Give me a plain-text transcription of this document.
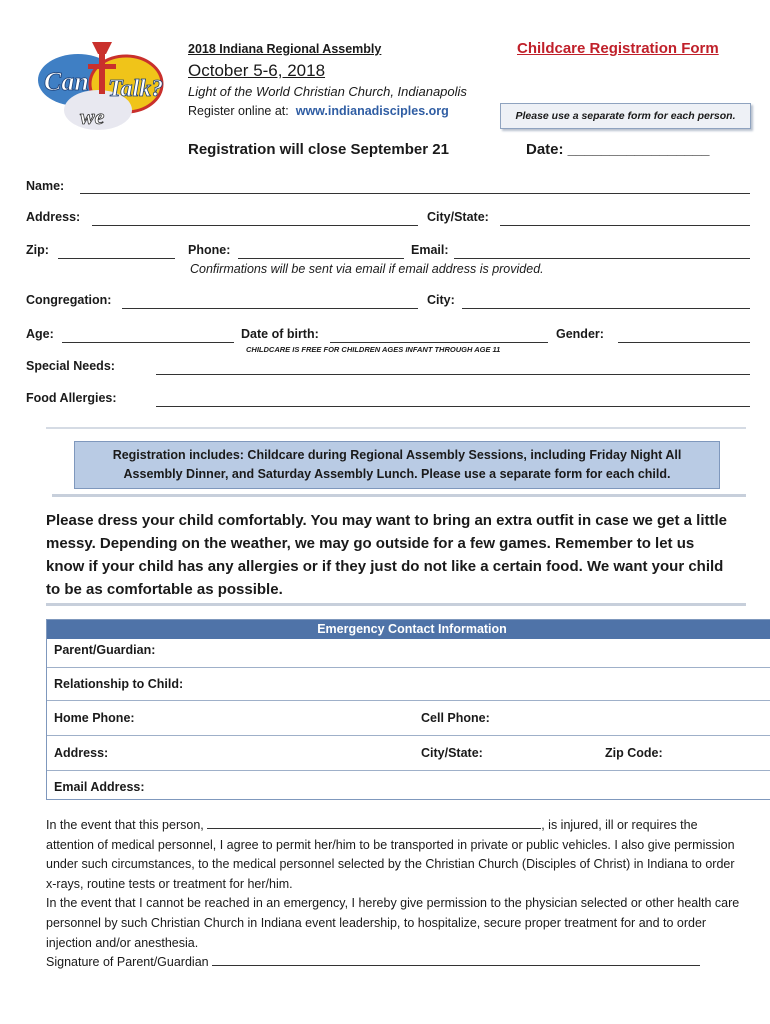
Can
we
Talk?
2018 Indiana Regional Assembly	Childcare Registration Form
October 5-6, 2018
Light of the World Christian Church, Indianapolis
Register online at: www.indianadisciples.org	Please use a separate form for each person.
Registration will close September 21	Date: _________________
Name:
Address:	City/State:
Zip:	Phone:	Email:
Confirmations will be sent via email if email address is provided.
Congregation:	City:
Age:	Date of birth:	Gender:
CHILDCARE IS FREE FOR CHILDREN AGES INFANT THROUGH AGE 11
Special Needs:
Food Allergies:
Registration includes: Childcare during Regional Assembly Sessions, including Friday Night All
Assembly Dinner, and Saturday Assembly Lunch. Please use a separate form for each child.
Please dress your child comfortably. You may want to bring an extra outfit in case we get a little messy. Depending on the weather, we may go outside for a few games. Remember to let us know if your child has any allergies or if they just do not like a certain food. We want your child to be as comfortable as possible.
Emergency Contact Information
Parent/Guardian:
Relationship to Child:
Home Phone:	Cell Phone:
Address:	City/State:	Zip Code:
Email Address:
In the event that this person,	, is injured, ill or requires the attention of medical personnel, I agree to permit her/him to be transported in private or public vehicles. I also give permission under such circumstances, to the medical personnel selected by the Christian Church (Disciples of Christ) in Indiana to order x-rays, routine tests or treatment for her/him.
In the event that I cannot be reached in an emergency, I hereby give permission to the physician selected or other health care personnel by such Christian Church in Indiana event leadership, to hospitalize, secure proper treatment for and to order injection and/or anesthesia.
Signature of Parent/Guardian
